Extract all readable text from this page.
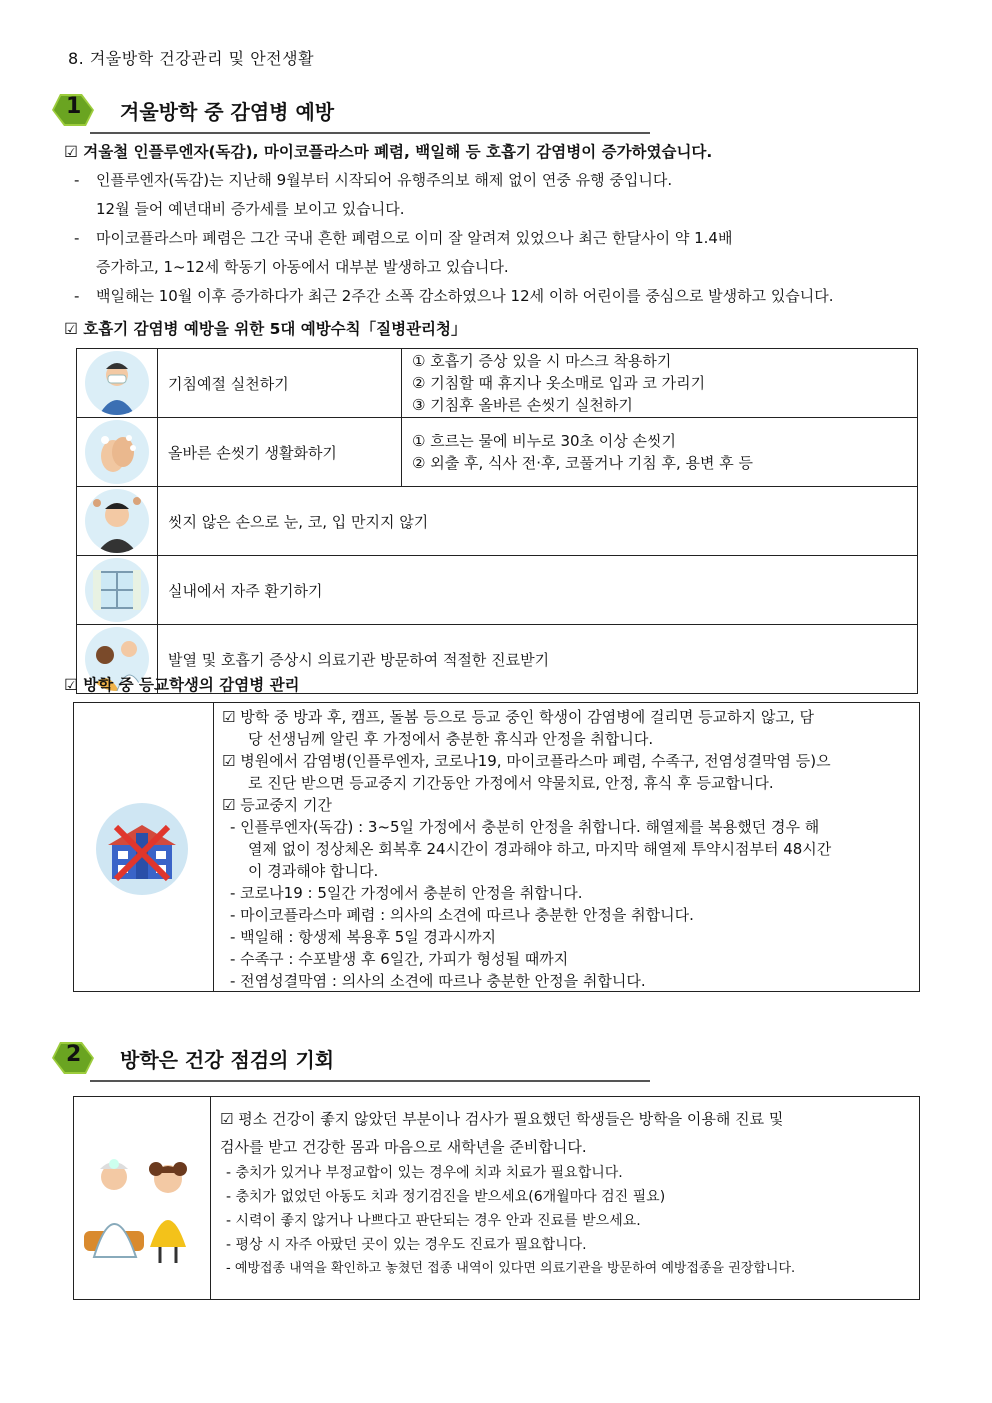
8. 겨울방학 건강관리 및 안전생활
1 겨울방학 중 감염병 예방
☑ 겨울철 인플루엔자(독감), 마이코플라스마 폐렴, 백일해 등 호흡기 감염병이 증가하였습니다.
- 인플루엔자(독감)는 지난해 9월부터 시작되어 유행주의보 해제 없이 연중 유행 중입니다.
12월 들어 예년대비 증가세를 보이고 있습니다.
- 마이코플라스마 폐렴은 그간 국내 흔한 폐렴으로 이미 잘 알려져 있었으나 최근 한달사이 약 1.4배
증가하고, 1~12세 학동기 아동에서 대부분 발생하고 있습니다.
- 백일해는 10월 이후 증가하다가 최근 2주간 소폭 감소하였으나 12세 이하 어린이를 중심으로 발생하고 있습니다.
☑ 호흡기 감염병 예방을 위한 5대 예방수칙「질병관리청」
	기침예절 실천하기	① 호흡기 증상 있을 시 마스크 착용하기
② 기침할 때 휴지나 옷소매로 입과 코 가리기
③ 기침후 올바른 손씻기 실천하기

	올바른 손씻기 생활화하기	① 흐르는 물에 비누로 30초 이상 손씻기
② 외출 후, 식사 전·후, 코풀거나 기침 후, 용변 후 등

	씻지 않은 손으로 눈, 코, 입 만지지 않기	

	실내에서 자주 환기하기	

	발열 및 호흡기 증상시 의료기관 방문하여 적절한 진료받기	
☑ 방학 중 등교학생의 감염병 관리
☑ 방학 중 방과 후, 캠프, 돌봄 등으로 등교 중인 학생이 감염병에 걸리면 등교하지 않고, 담
당 선생님께 알린 후 가정에서 충분한 휴식과 안정을 취합니다.
☑ 병원에서 감염병(인플루엔자, 코로나19, 마이코플라스마 폐렴, 수족구, 전염성결막염 등)으
로 진단 받으면 등교중지 기간동안 가정에서 약물치료, 안정, 휴식 후 등교합니다.
☑ 등교중지 기간
- 인플루엔자(독감) : 3~5일 가정에서 충분히 안정을 취합니다. 해열제를 복용했던 경우 해
열제 없이 정상체온 회복후 24시간이 경과해야 하고, 마지막 해열제 투약시점부터 48시간
이 경과해야 합니다.
- 코로나19 : 5일간 가정에서 충분히 안정을 취합니다.
- 마이코플라스마 폐렴 : 의사의 소견에 따르나 충분한 안정을 취합니다.
- 백일해 : 항생제 복용후 5일 경과시까지
- 수족구 : 수포발생 후 6일간, 가피가 형성될 때까지
- 전염성결막염 : 의사의 소견에 따르나 충분한 안정을 취합니다.
2 방학은 건강 점검의 기회
☑ 평소 건강이 좋지 않았던 부분이나 검사가 필요했던 학생들은 방학을 이용해 진료 및
검사를 받고 건강한 몸과 마음으로 새학년을 준비합니다.
- 충치가 있거나 부정교합이 있는 경우에 치과 치료가 필요합니다.
- 충치가 없었던 아동도 치과 정기검진을 받으세요(6개월마다 검진 필요)
- 시력이 좋지 않거나 나쁘다고 판단되는 경우 안과 진료를 받으세요.
- 평상 시 자주 아팠던 곳이 있는 경우도 진료가 필요합니다.
- 예방접종 내역을 확인하고 놓쳤던 접종 내역이 있다면 의료기관을 방문하여 예방접종을 권장합니다.
